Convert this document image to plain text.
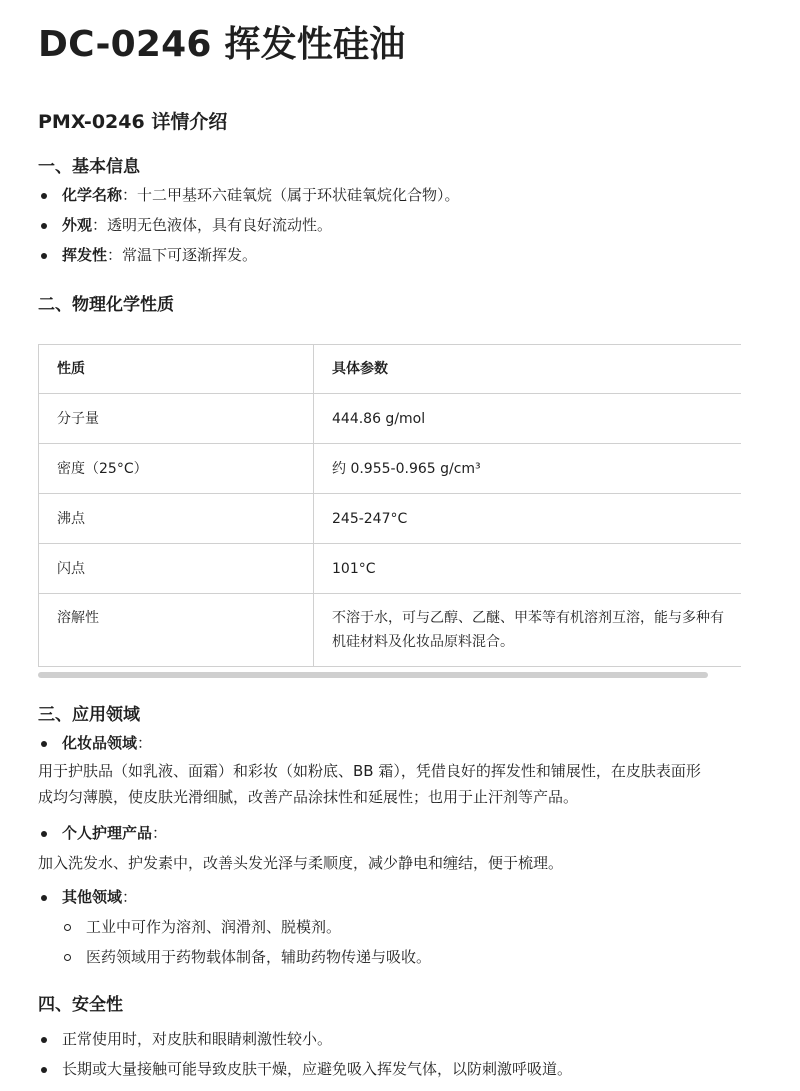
DC-0246 挥发性硅油
PMX-0246 详情介绍
一、基本信息
化学名称：十二甲基环六硅氧烷（属于环状硅氧烷化合物）。
外观：透明无色液体，具有良好流动性。
挥发性：常温下可逐渐挥发。
二、物理化学性质
性质	具体参数
分子量	444.86 g/mol
密度（25°C）	约 0.955-0.965 g/cm³
沸点	245-247°C
闪点	101°C
溶解性	不溶于水，可与乙醇、乙醚、甲苯等有机溶剂互溶，能与多种有
机硅材料及化妆品原料混合。
三、应用领域
化妆品领域：

用于护肤品（如乳液、面霜）和彩妆（如粉底、BB 霜），凭借良好的挥发性和铺展性，在皮肤表面形
成均匀薄膜，使皮肤光滑细腻，改善产品涂抹性和延展性；也用于止汗剂等产品。

个人护理产品：

加入洗发水、护发素中，改善头发光泽与柔顺度，减少静电和缠结，便于梳理。

其他领域：
工业中可作为溶剂、润滑剂、脱模剂。
医药领域用于药物载体制备，辅助药物传递与吸收。
四、安全性
正常使用时，对皮肤和眼睛刺激性较小。
长期或大量接触可能导致皮肤干燥，应避免吸入挥发气体，以防刺激呼吸道。
